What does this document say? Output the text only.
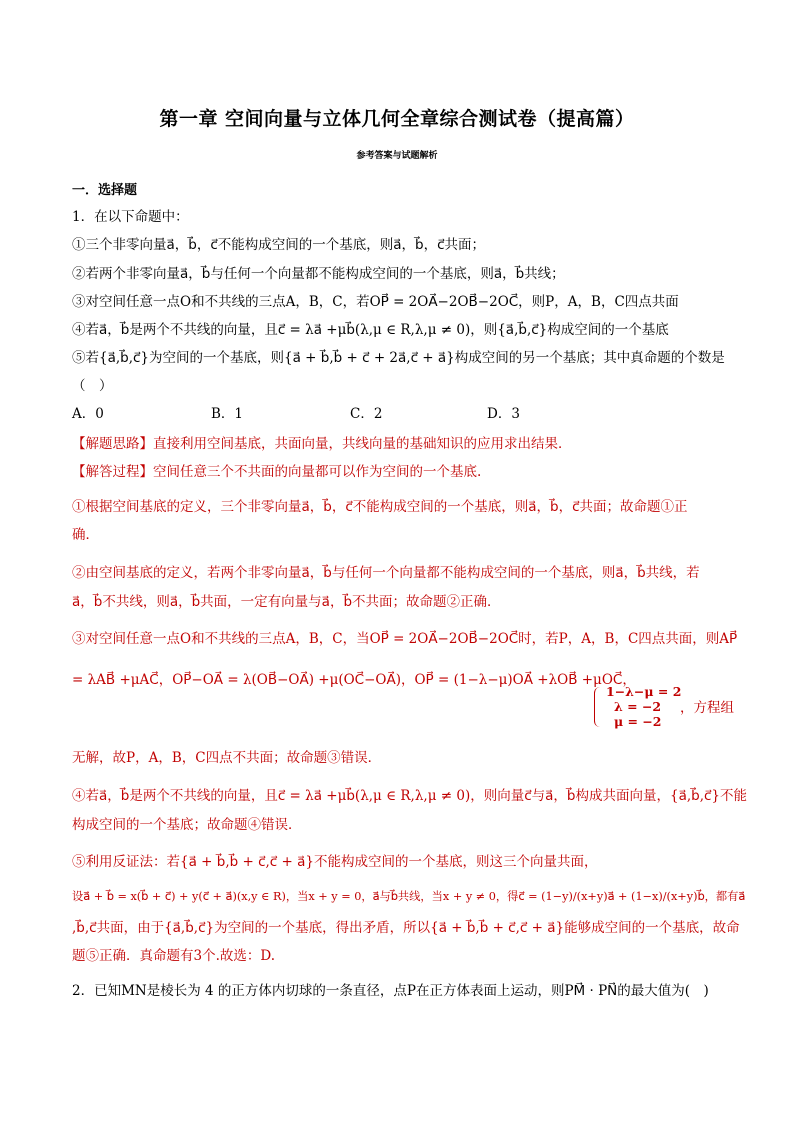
第一章 空间向量与立体几何全章综合测试卷（提高篇）
参考答案与试题解析
一．选择题
1．在以下命题中：
①三个非零向量a⃗，b⃗，c⃗不能构成空间的一个基底，则a⃗，b⃗，c⃗共面；
②若两个非零向量a⃗，b⃗与任何一个向量都不能构成空间的一个基底，则a⃗，b⃗共线；
③对空间任意一点O和不共线的三点A，B，C，若OP⃗ = 2OA⃗−2OB⃗−2OC⃗，则P，A，B，C四点共面
④若a⃗，b⃗是两个不共线的向量，且c⃗ = λa⃗ +μb⃗(λ,μ ∈ R,λ,μ ≠ 0)，则{a⃗,b⃗,c⃗}构成空间的一个基底
⑤若{a⃗,b⃗,c⃗}为空间的一个基底，则{a⃗ + b⃗,b⃗ + c⃗ + 2a⃗,c⃗ + a⃗}构成空间的另一个基底；其中真命题的个数是
（　）
A．0	B．1	C．2	D．3
【解题思路】直接利用空间基底，共面向量，共线向量的基础知识的应用求出结果．
【解答过程】空间任意三个不共面的向量都可以作为空间的一个基底.
①根据空间基底的定义，三个非零向量a⃗，b⃗，c⃗不能构成空间的一个基底，则a⃗，b⃗，c⃗共面；故命题①正
确．
②由空间基底的定义，若两个非零向量a⃗，b⃗与任何一个向量都不能构成空间的一个基底，则a⃗，b⃗共线，若
a⃗，b⃗不共线，则a⃗，b⃗共面，一定有向量与a⃗，b⃗不共面；故命题②正确．
③对空间任意一点O和不共线的三点A，B，C，当OP⃗ = 2OA⃗−2OB⃗−2OC⃗时，若P，A，B，C四点共面，则AP⃗
= λAB⃗ +μAC⃗，OP⃗−OA⃗ = λ(OB⃗−OA⃗) +μ(OC⃗−OA⃗)，OP⃗ = (1−λ−μ)OA⃗ +λOB⃗ +μOC⃗，
1−λ−μ = 2
λ = −2
μ = −2
，方程组
无解，故P，A，B，C四点不共面；故命题③错误．
④若a⃗，b⃗是两个不共线的向量，且c⃗ = λa⃗ +μb⃗(λ,μ ∈ R,λ,μ ≠ 0)，则向量c⃗与a⃗，b⃗构成共面向量，{a⃗,b⃗,c⃗}不能
构成空间的一个基底；故命题④错误．
⑤利用反证法：若{a⃗ + b⃗,b⃗ + c⃗,c⃗ + a⃗}不能构成空间的一个基底，则这三个向量共面，
设a⃗ + b⃗ = x(b⃗ + c⃗) + y(c⃗ + a⃗)(x,y ∈ R)，当x + y = 0，a⃗与b⃗共线，当x + y ≠ 0，得c⃗ = (1−y)/(x+y)a⃗ + (1−x)/(x+y)b⃗，都有a⃗
,b⃗,c⃗共面，由于{a⃗,b⃗,c⃗}为空间的一个基底，得出矛盾，所以{a⃗ + b⃗,b⃗ + c⃗,c⃗ + a⃗}能够成空间的一个基底，故命
题⑤正确．真命题有3个.故选：D.
2．已知MN是棱长为 4 的正方体内切球的一条直径，点P在正方体表面上运动，则PM⃗ · PN⃗的最大值为(　)
